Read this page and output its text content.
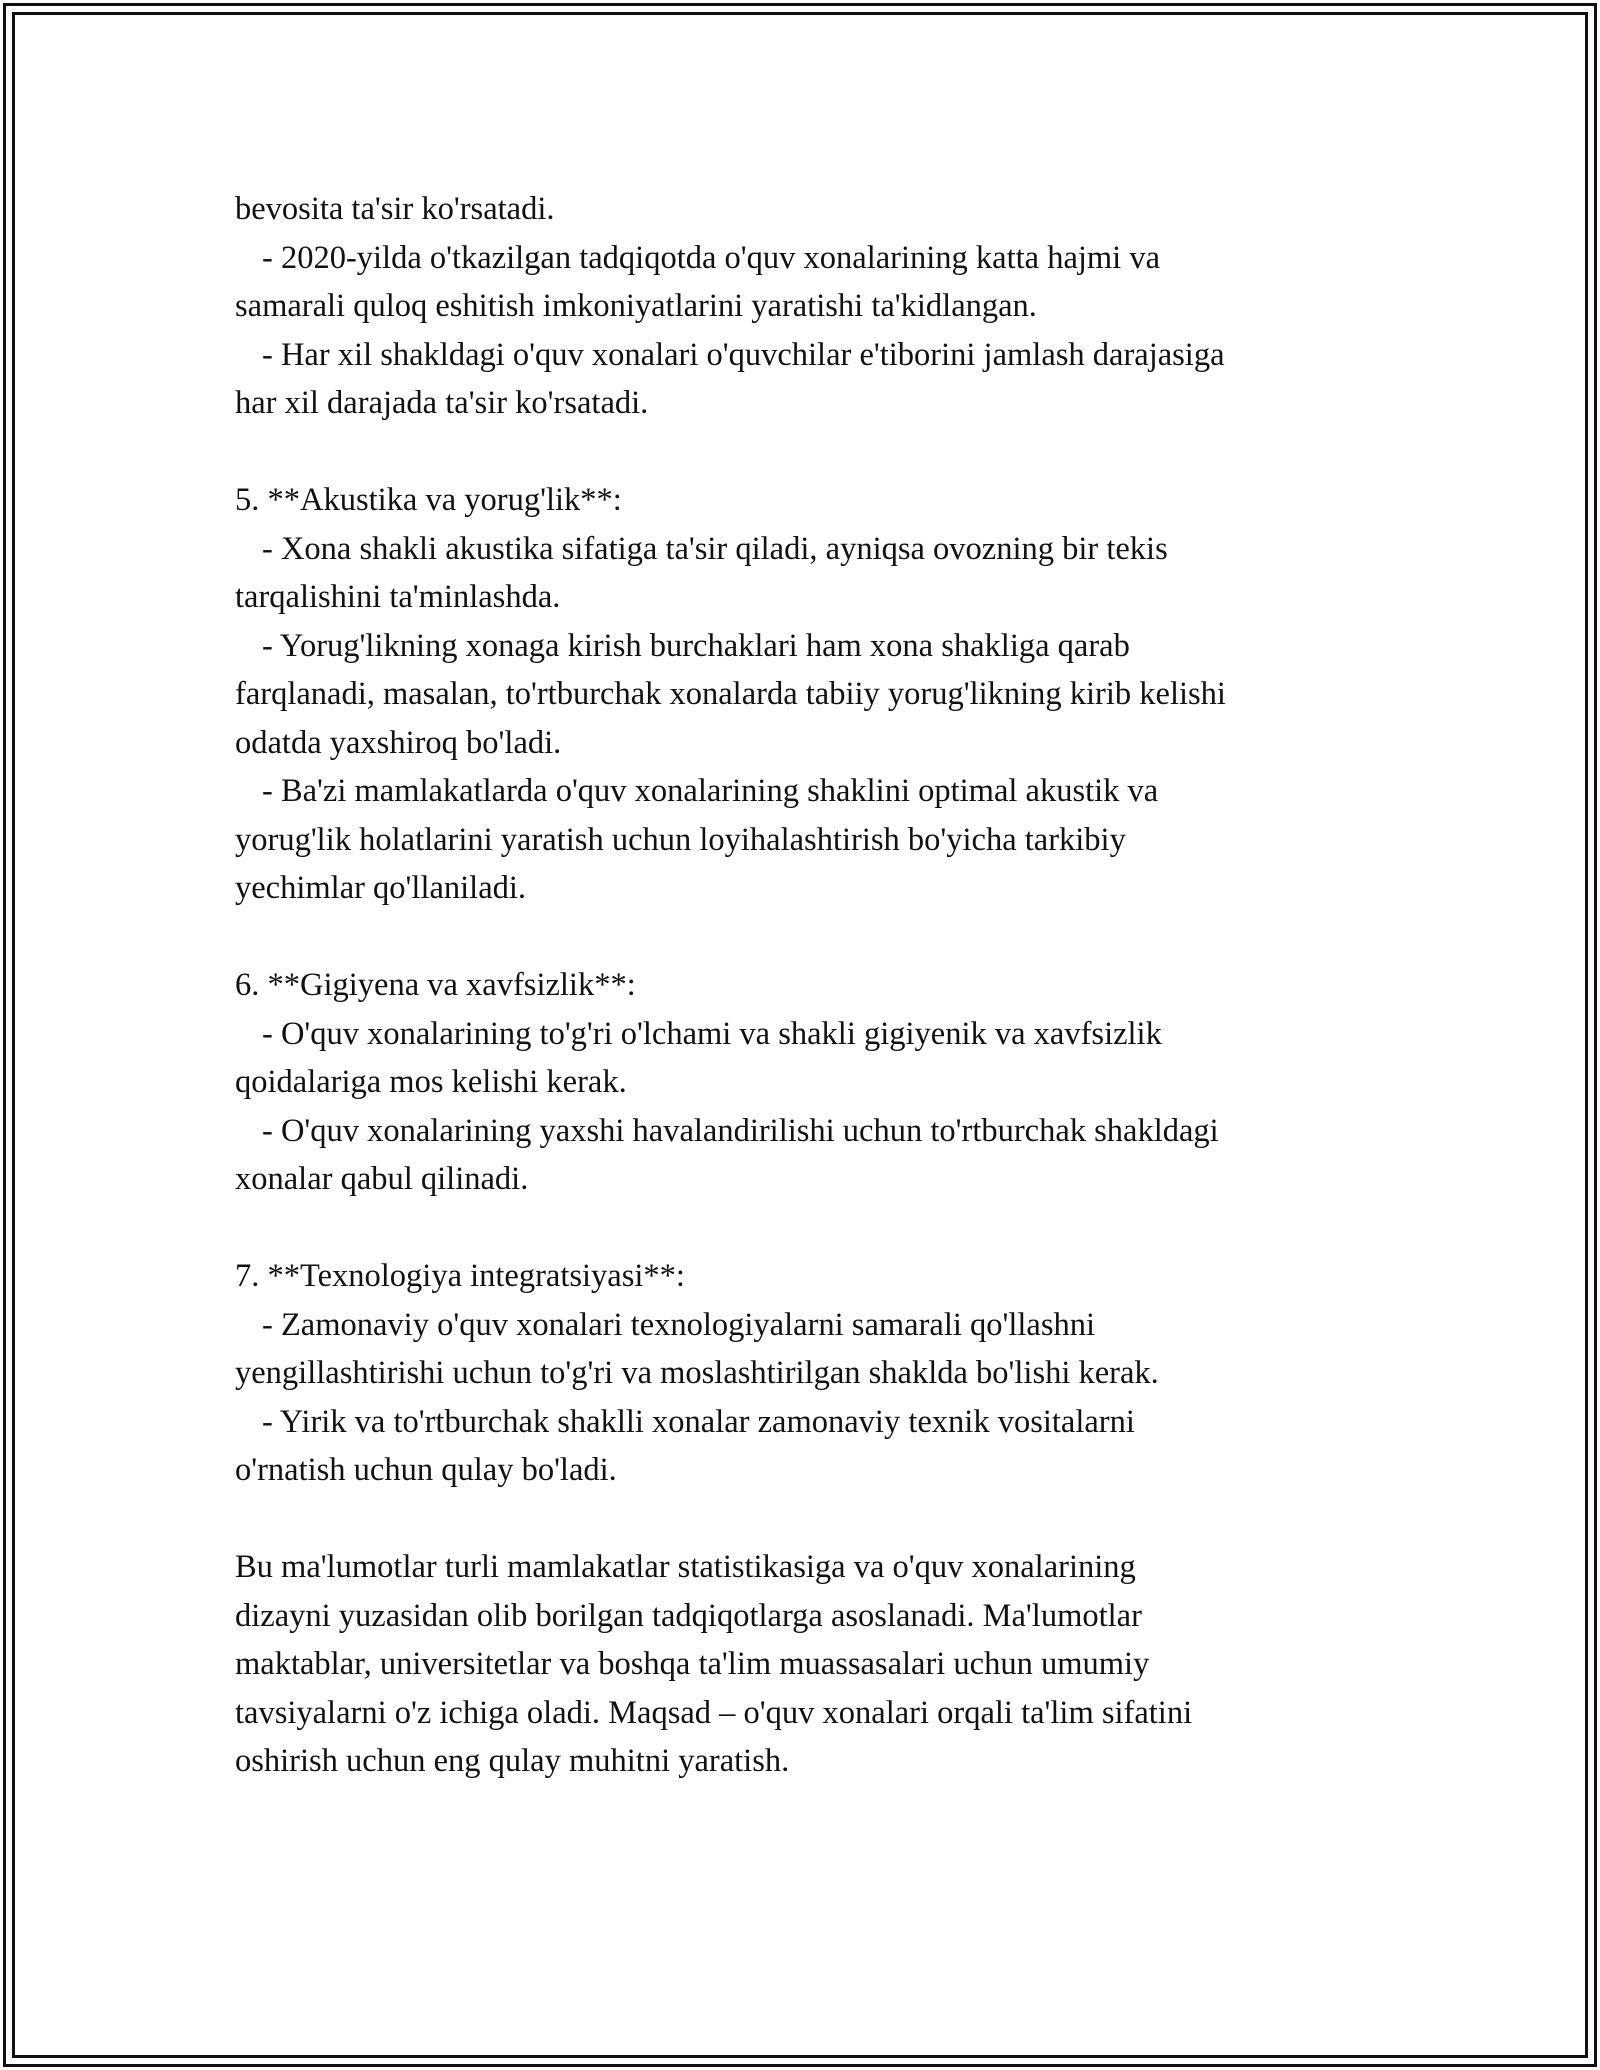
bevosita ta'sir ko'rsatadi.
- 2020-yilda o'tkazilgan tadqiqotda o'quv xonalarining katta hajmi va
samarali quloq eshitish imkoniyatlarini yaratishi ta'kidlangan.
- Har xil shakldagi o'quv xonalari o'quvchilar e'tiborini jamlash darajasiga
har xil darajada ta'sir ko'rsatadi.
5. **Akustika va yorug'lik**:
- Xona shakli akustika sifatiga ta'sir qiladi, ayniqsa ovozning bir tekis
tarqalishini ta'minlashda.
- Yorug'likning xonaga kirish burchaklari ham xona shakliga qarab
farqlanadi, masalan, to'rtburchak xonalarda tabiiy yorug'likning kirib kelishi
odatda yaxshiroq bo'ladi.
- Ba'zi mamlakatlarda o'quv xonalarining shaklini optimal akustik va
yorug'lik holatlarini yaratish uchun loyihalashtirish bo'yicha tarkibiy
yechimlar qo'llaniladi.
6. **Gigiyena va xavfsizlik**:
- O'quv xonalarining to'g'ri o'lchami va shakli gigiyenik va xavfsizlik
qoidalariga mos kelishi kerak.
- O'quv xonalarining yaxshi havalandirilishi uchun to'rtburchak shakldagi
xonalar qabul qilinadi.
7. **Texnologiya integratsiyasi**:
- Zamonaviy o'quv xonalari texnologiyalarni samarali qo'llashni
yengillashtirishi uchun to'g'ri va moslashtirilgan shaklda bo'lishi kerak.
- Yirik va to'rtburchak shaklli xonalar zamonaviy texnik vositalarni
o'rnatish uchun qulay bo'ladi.
Bu ma'lumotlar turli mamlakatlar statistikasiga va o'quv xonalarining
dizayni yuzasidan olib borilgan tadqiqotlarga asoslanadi. Ma'lumotlar
maktablar, universitetlar va boshqa ta'lim muassasalari uchun umumiy
tavsiyalarni o'z ichiga oladi. Maqsad – o'quv xonalari orqali ta'lim sifatini
oshirish uchun eng qulay muhitni yaratish.
